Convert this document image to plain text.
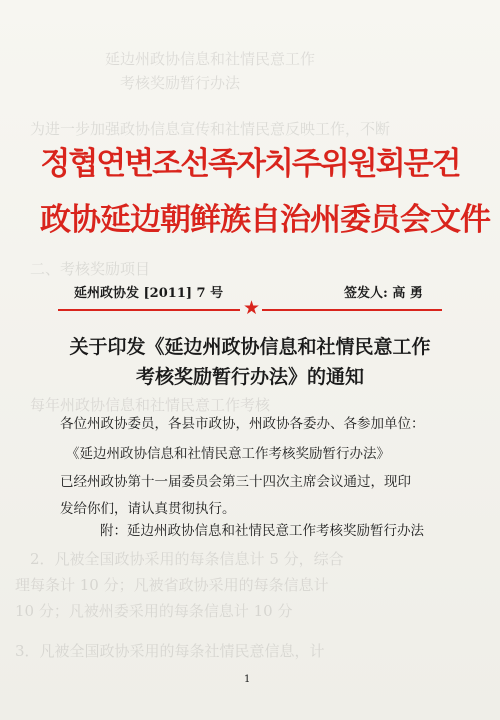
　　　　　　　延边州政协信息和社情民意工作　　　　
　　　　　　　　考核奖励暂行办法　　　　　　　　
　　为进一步加强政协信息宣传和社情民意反映工作，不断
　　二、考核奖励项目
　　每年州政协信息和社情民意工作考核　　
　　2．凡被全国政协采用的每条信息计 5 分，综合
　理每条计 10 分；凡被省政协采用的每条信息计
　10 分；凡被州委采用的每条信息计 10 分
　3．凡被全国政协采用的每条社情民意信息，计
정협연변조선족자치주위원회문건
政协延边朝鲜族自治州委员会文件
延州政协发 [2011] 7 号	签发人: 高 勇
★
关于印发《延边州政协信息和社情民意工作
考核奖励暂行办法》的通知
各位州政协委员，各县市政协，州政协各委办、各参加单位：
《延边州政协信息和社情民意工作考核奖励暂行办法》
已经州政协第十一届委员会第三十四次主席会议通过，现印
发给你们，请认真贯彻执行。
附：延边州政协信息和社情民意工作考核奖励暂行办法
1
